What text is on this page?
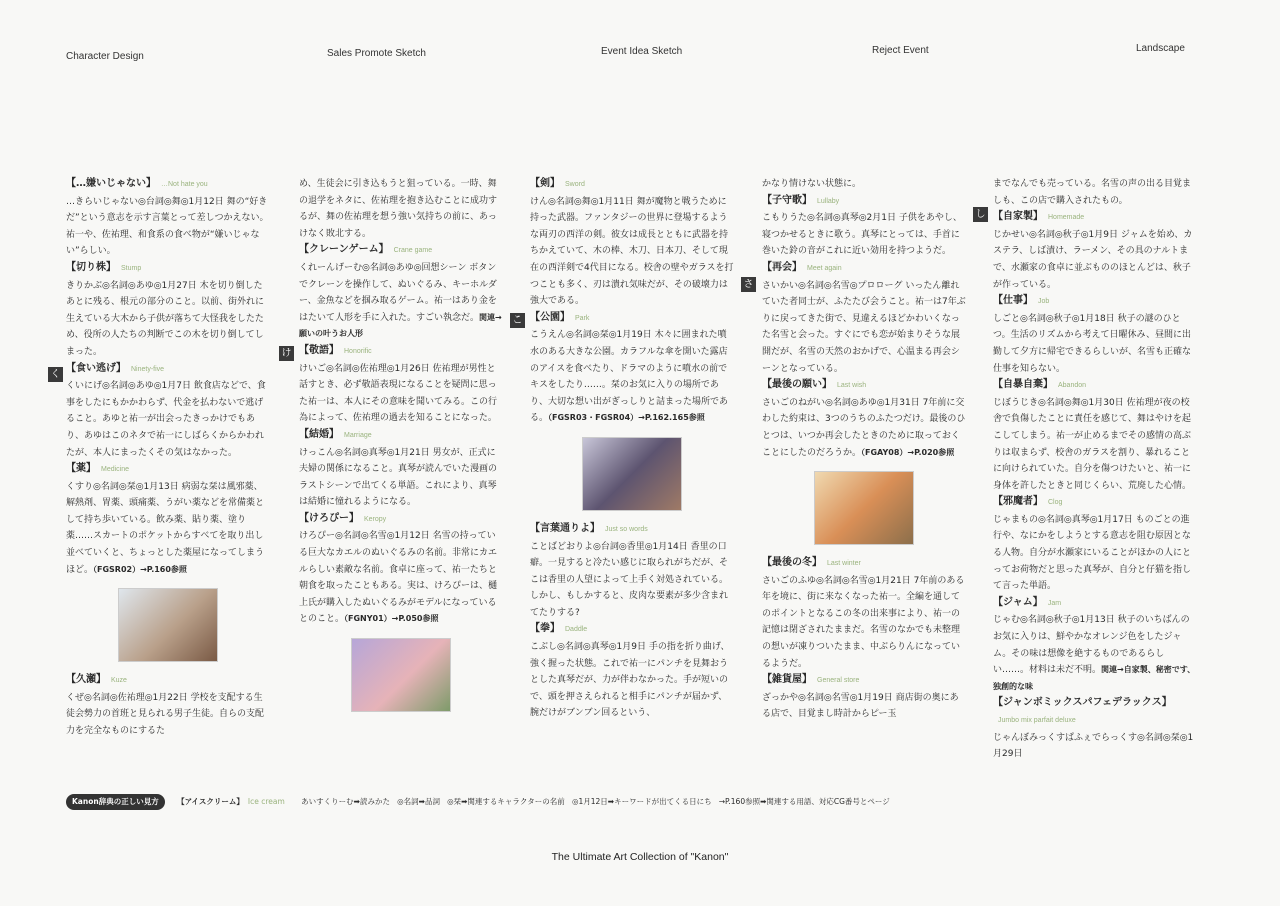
Character Design	Sales Promote Sketch	Event Idea Sketch	Reject Event	Landscape

【…嫌いじゃない】 …Not hate you

…きらいじゃない◎台詞◎舞◎1月12日 舞の“好きだ”という意志を示す言葉とって差しつかえない。祐一や、佐祐理、和食系の食べ物が“嫌いじゃない”らしい。

【切り株】 Stump

きりかぶ◎名詞◎あゆ◎1月27日 木を切り倒したあとに残る、根元の部分のこと。以前、街外れに生えている大木から子供が落ちて大怪我をしたため、役所の人たちの判断でこの木を切り倒してしまった。

【食い逃げ】 Ninety-five

くいにげ◎名詞◎あゆ◎1月7日 飲食店などで、食事をしたにもかかわらず、代金を払わないで逃げること。あゆと祐一が出会ったきっかけでもあり、あゆはこのネタで祐一にしばらくからかわれたが、本人にまったくその気はなかった。

【薬】 Medicine

くすり◎名詞◎栞◎1月13日 病弱な栞は風邪薬、解熱剤、胃薬、頭痛薬、うがい薬などを常備薬として持ち歩いている。飲み薬、貼り薬、塗り薬……スカートのポケットからすべてを取り出し並べていくと、ちょっとした薬屋になってしまうほど。（FGSR02）→P.160参照

【久瀬】 Kuze

くぜ◎名詞◎佐祐理◎1月22日 学校を支配する生徒会勢力の首班と見られる男子生徒。自らの支配力を完全なものにするた

め、生徒会に引き込もうと狙っている。一時、舞の退学をネタに、佐祐理を抱き込むことに成功するが、舞の佐祐理を想う強い気持ちの前に、あっけなく敗北する。

【クレーンゲーム】 Crane game

くれーんげーむ◎名詞◎あゆ◎回想シーン ボタンでクレーンを操作して、ぬいぐるみ、キーホルダー、金魚などを掴み取るゲーム。祐一はあり金をはたいて人形を手に入れた。すごい執念だ。関連→願いの叶うお人形

【敬語】 Honorific

けいご◎名詞◎佐祐理◎1月26日 佐祐理が男性と話すとき、必ず敬語表現になることを疑問に思った祐一は、本人にその意味を聞いてみる。この行為によって、佐祐理の過去を知ることになった。

【結婚】 Marriage

けっこん◎名詞◎真琴◎1月21日 男女が、正式に夫婦の関係になること。真琴が読んでいた漫画のラストシーンで出てくる単語。これにより、真琴は結婚に憧れるようになる。

【けろぴー】 Keropy

けろぴー◎名詞◎名雪◎1月12日 名雪の持っている巨大なカエルのぬいぐるみの名前。非常にカエルらしい素敵な名前。食卓に座って、祐一たちと朝食を取ったこともある。実は、けろぴーは、樋上氏が購入したぬいぐるみがモデルになっているとのこと。（FGNY01）→P.050参照

【剣】 Sword

けん◎名詞◎舞◎1月11日 舞が魔物と戦うために持った武器。ファンタジーの世界に登場するような両刃の西洋の剣。彼女は成長とともに武器を持ちかえていて、木の棒、木刀、日本刀、そして現在の西洋剣で4代目になる。校舎の壁やガラスを打つことも多く、刃は潰れ気味だが、その破壊力は強大である。

【公園】 Park

こうえん◎名詞◎栞◎1月19日 木々に囲まれた噴水のある大きな公園。カラフルな傘を開いた露店のアイスを食べたり、ドラマのように噴水の前でキスをしたり……。栞のお気に入りの場所であり、大切な想い出がぎっしりと詰まった場所である。（FGSR03・FGSR04）→P.162.165参照

【言葉通りよ】 Just so words

ことばどおりよ◎台詞◎香里◎1月14日 香里の口癖。一見すると冷たい感じに取られがちだが、そこは香里の人望によって上手く対処されている。しかし、もしかすると、皮肉な要素が多少含まれてたりする?

【拳】 Daddle

こぶし◎名詞◎真琴◎1月9日 手の指を折り曲げ、強く握った状態。これで祐一にパンチを見舞おうとした真琴だが、力が伴わなかった。手が短いので、頭を押さえられると相手にパンチが届かず、腕だけがブンブン回るという、

かなり情けない状態に。

【子守歌】 Lullaby

こもりうた◎名詞◎真琴◎2月1日 子供をあやし、寝つかせるときに歌う。真琴にとっては、手首に巻いた鈴の音がこれに近い効用を持つようだ。

【再会】 Meet again

さいかい◎名詞◎名雪◎プロローグ いったん離れていた者同士が、ふたたび会うこと。祐一は7年ぶりに戻ってきた街で、見違えるほどかわいくなった名雪と会った。すぐにでも恋が始まりそうな展開だが、名雪の天然のおかげで、心温まる再会シーンとなっている。

【最後の願い】 Last wish

さいごのねがい◎名詞◎あゆ◎1月31日 7年前に交わした約束は、3つのうちのふたつだけ。最後のひとつは、いつか再会したときのために取っておくことにしたのだろうか。（FGAY08）→P.020参照

【最後の冬】 Last winter

さいごのふゆ◎名詞◎名雪◎1月21日 7年前のある年を境に、街に来なくなった祐一。全編を通してのポイントとなるこの冬の出来事により、祐一の記憶は閉ざされたままだ。名雪のなかでも未整理の想いが凍りついたまま、中ぶらりんになっているようだ。

【雑貨屋】 General store

ざっかや◎名詞◎名雪◎1月19日 商店街の奥にある店で、目覚まし時計からピー玉

までなんでも売っている。名雪の声の出る目覚ましも、この店で購入されたもの。

【自家製】 Homemade

じかせい◎名詞◎秋子◎1月9日 ジャムを始め、カステラ、しば漬け、ラーメン、その具のナルトまで、水瀬家の食卓に並ぶもののほとんどは、秋子が作っている。

【仕事】 Job

しごと◎名詞◎秋子◎1月18日 秋子の謎のひとつ。生活のリズムから考えて日曜休み、昼間に出勤して夕方に帰宅できるらしいが、名雪も正確な仕事を知らない。

【自暴自棄】 Abandon

じぼうじき◎名詞◎舞◎1月30日 佐祐理が夜の校舎で負傷したことに責任を感じて、舞はやけを起こしてしまう。祐一が止めるまでその感情の高ぶりは収まらず、校舎のガラスを割り、暴れることに向けられていた。自分を傷つけたいと、祐一に身体を許したときと同じくらい、荒廃した心情。

【邪魔者】 Clog

じゃまもの◎名詞◎真琴◎1月17日 ものごとの進行や、なにかをしようとする意志を阻む原因となる人物。自分が水瀬家にいることがほかの人にとってお荷物だと思った真琴が、自分と仔猫を指して言った単語。

【ジャム】 Jam

じゃむ◎名詞◎秋子◎1月13日 秋子のいちばんのお気に入りは、鮮やかなオレンジ色をしたジャム。その味は想像を絶するものであるらしい……。材料は未だ不明。関連→自家製、秘密です、独創的な味

【ジャンボミックスパフェデラックス】Jumbo mix parfait deluxe

じゃんぼみっくすぱふぇでらっくす◎名詞◎栞◎1月29日

く
け
こ
さ
し
Kanon辞典の正しい見方 【アイスクリーム】 Ice cream あいすくりーむ➡読みかた ◎名詞➡品詞 ◎栞➡関連するキャラクターの名前 ◎1月12日➡キーワードが出てくる日にち →P.160参照➡関連する用語、対応CG番号とページ
The Ultimate Art Collection of "Kanon"
